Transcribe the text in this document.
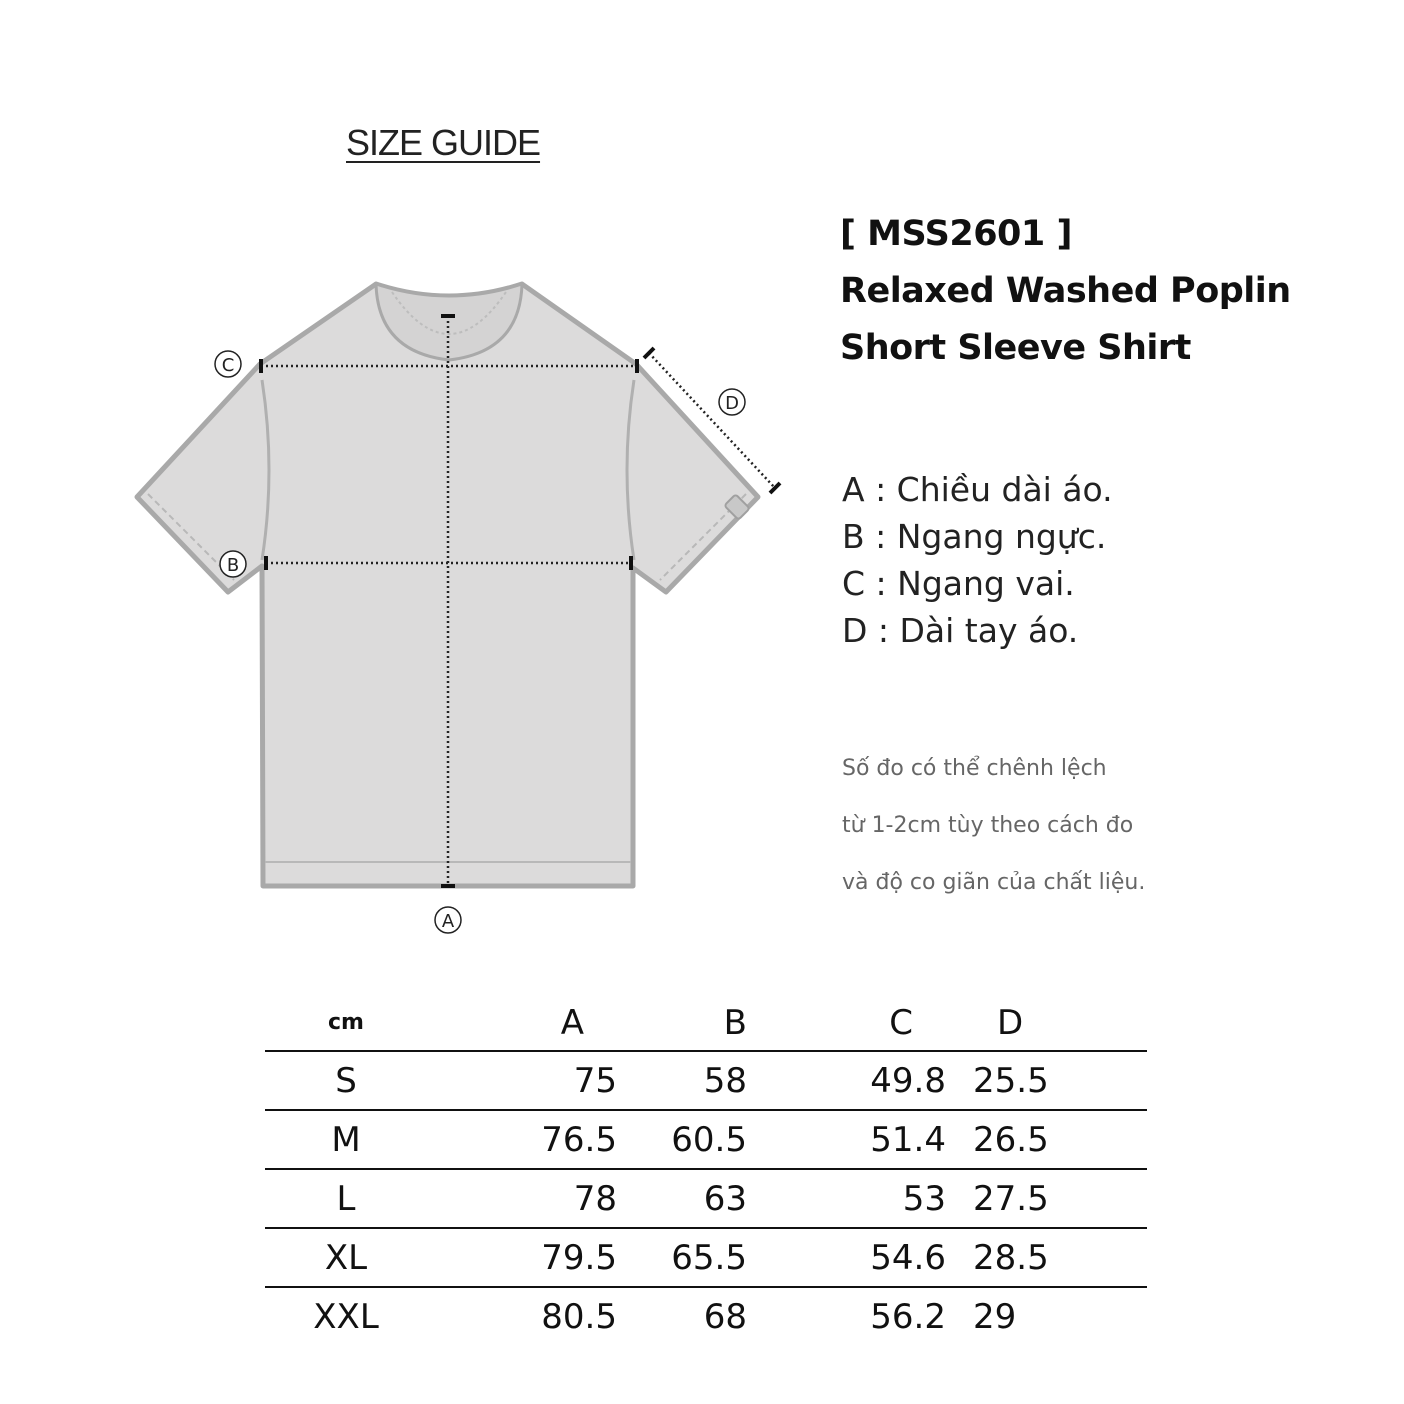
SIZE GUIDE
C
B
D
A
[ MSS2601 ]
Relaxed Washed Poplin
Short Sleeve Shirt
A : Chiều dài áo.
B : Ngang ngực.
C : Ngang vai.
D : Dài tay áo.
Số đo có thể chênh lệch
từ 1-2cm tùy theo cách đo
và độ co giãn của chất liệu.
cm	A	B	C	D
S	75	58	49.8	25.5
M	76.5	60.5	51.4	26.5
L	78	63	53	27.5
XL	79.5	65.5	54.6	28.5
XXL	80.5	68	56.2	29
